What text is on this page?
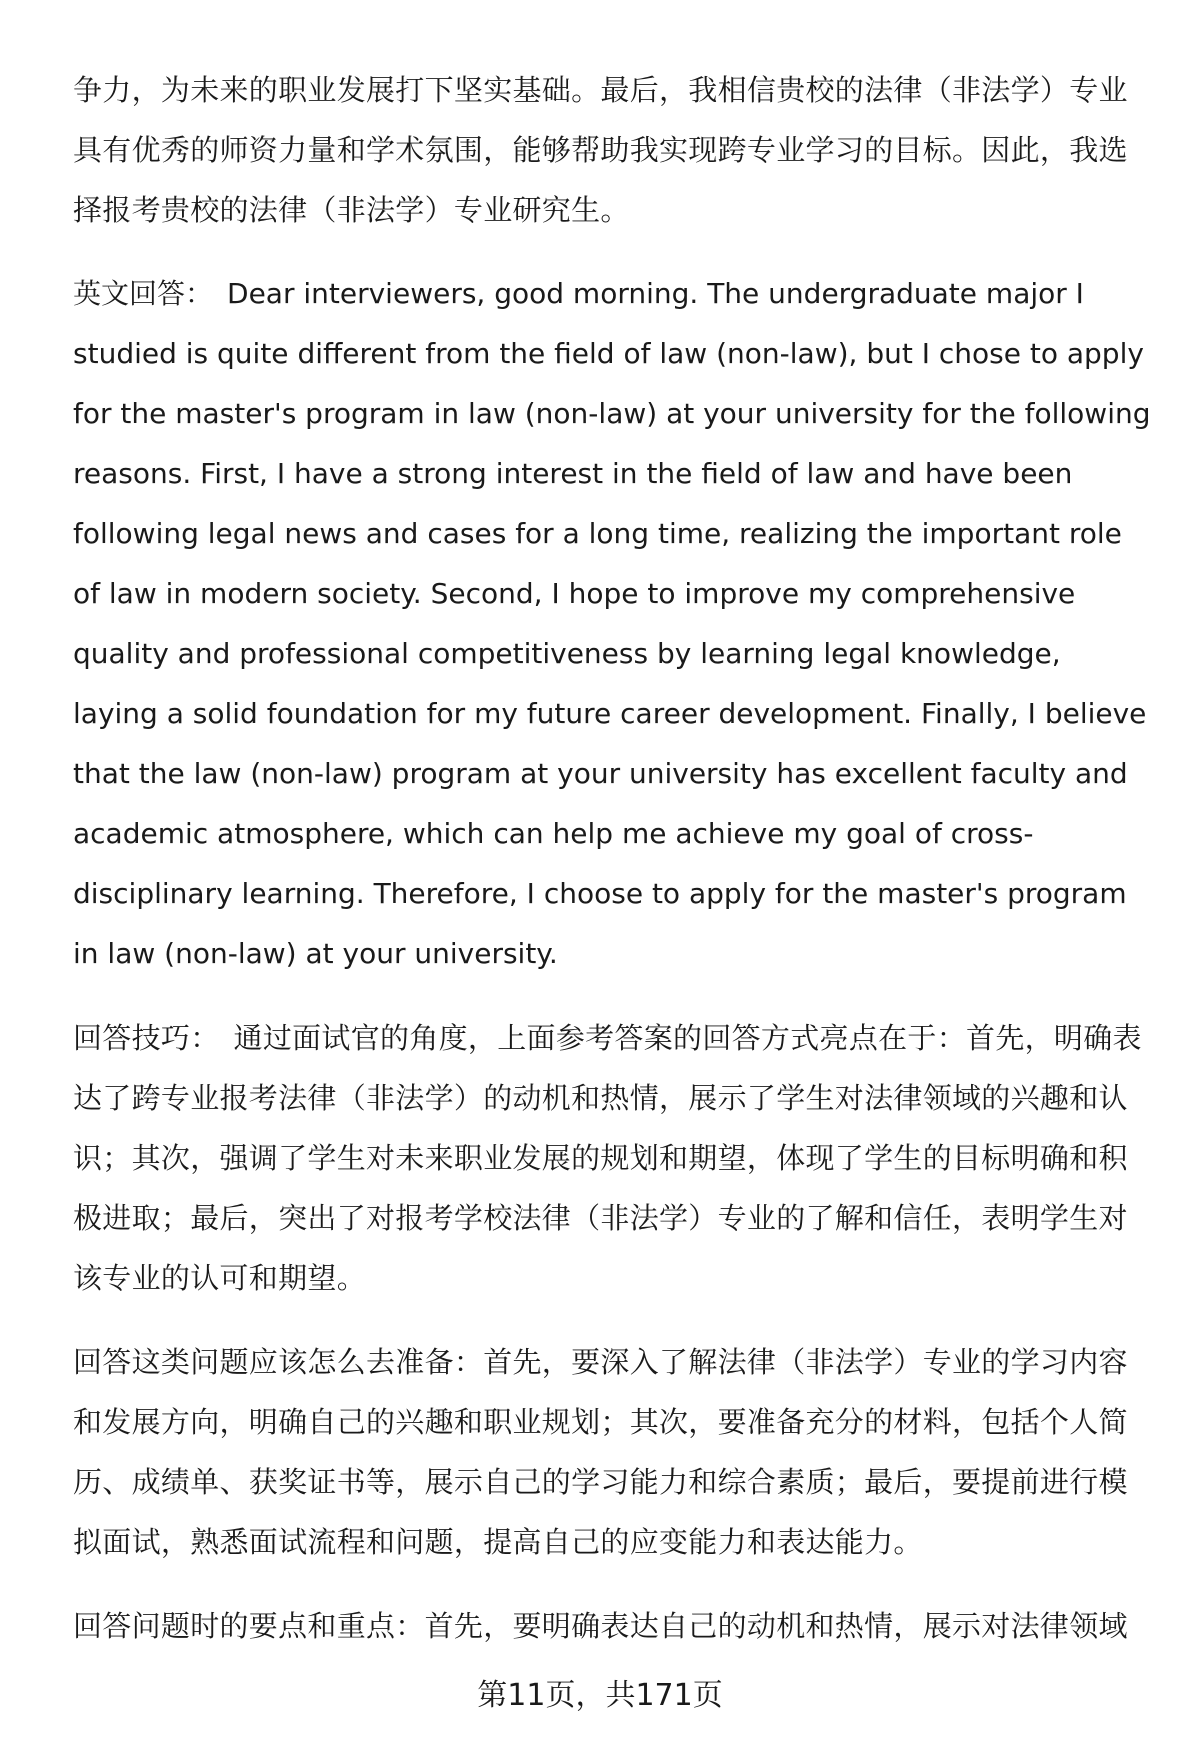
​

争力，为未来的职业发展打下坚实基础。最后，我相信贵校的法律（非法学）专业具有优秀的师资力量和学术氛围，能够帮助我实现跨专业学习的目标。因此，我选择报考贵校的法律（非法学）专业研究生。

英文回答： Dear interviewers, good morning. The undergraduate major I studied is quite different from the field of law (non-law), but I chose to apply for the master's program in law (non-law) at your university for the following reasons. First, I have a strong interest in the field of law and have been following legal news and cases for a long time, realizing the important role of law in modern society. Second, I hope to improve my comprehensive quality and professional competitiveness by learning legal knowledge, laying a solid foundation for my future career development. Finally, I believe that the law (non-law) program at your university has excellent faculty and academic atmosphere, which can help me achieve my goal of cross-disciplinary learning. Therefore, I choose to apply for the master's program in law (non-law) at your university.

回答技巧： 通过面试官的角度，上面参考答案的回答方式亮点在于：首先，明确表达了跨专业报考法律（非法学）的动机和热情，展示了学生对法律领域的兴趣和认识；其次，强调了学生对未来职业发展的规划和期望，体现了学生的目标明确和积极进取；最后，突出了对报考学校法律（非法学）专业的了解和信任，表明学生对该专业的认可和期望。

回答这类问题应该怎么去准备：首先，要深入了解法律（非法学）专业的学习内容和发展方向，明确自己的兴趣和职业规划；其次，要准备充分的材料，包括个人简历、成绩单、获奖证书等，展示自己的学习能力和综合素质；最后，要提前进行模拟面试，熟悉面试流程和问题，提高自己的应变能力和表达能力。

回答问题时的要点和重点：首先，要明确表达自己的动机和热情，展示对法律领域

第11页，共171页
